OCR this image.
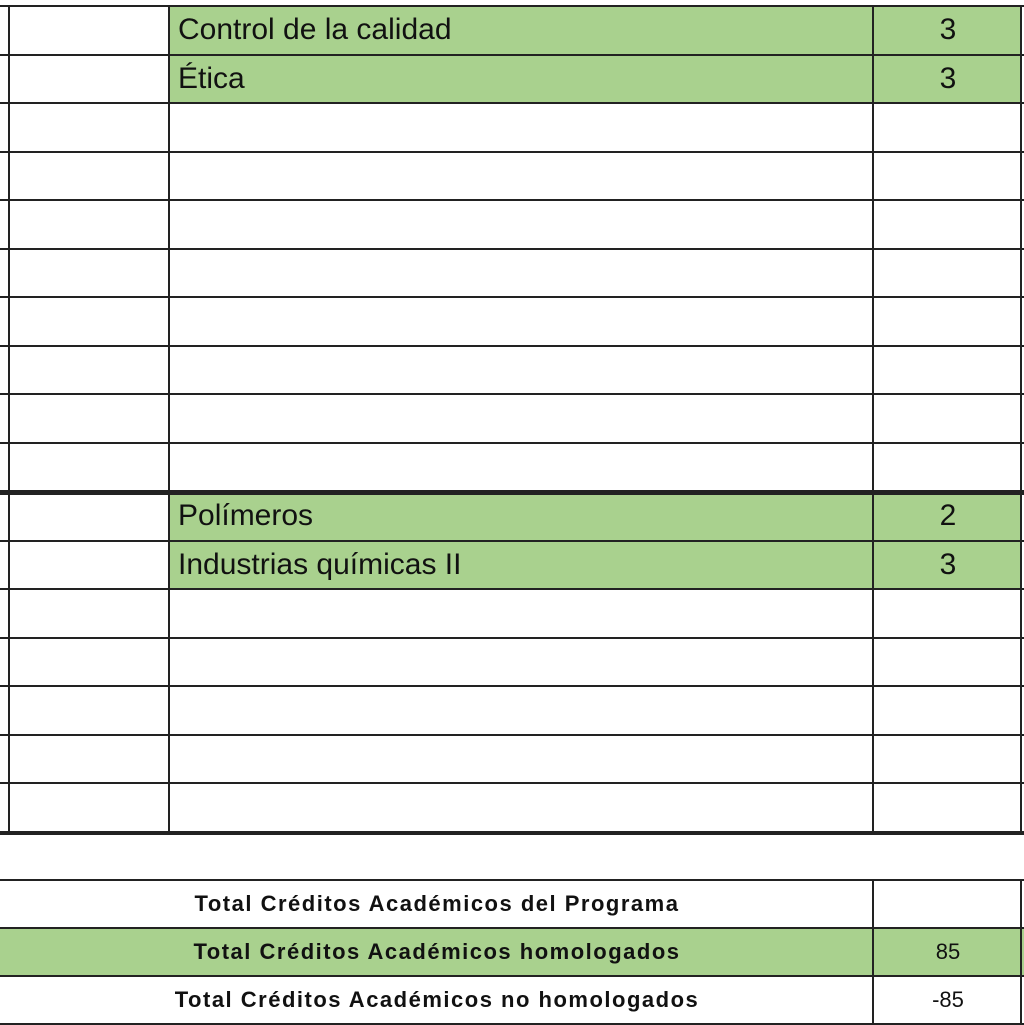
Control de la calidad	3
Ética	3
Polímeros	2
Industrias químicas II	3
Total Créditos Académicos del Programa
Total Créditos Académicos homologados	85
Total Créditos Académicos no homologados	-85
